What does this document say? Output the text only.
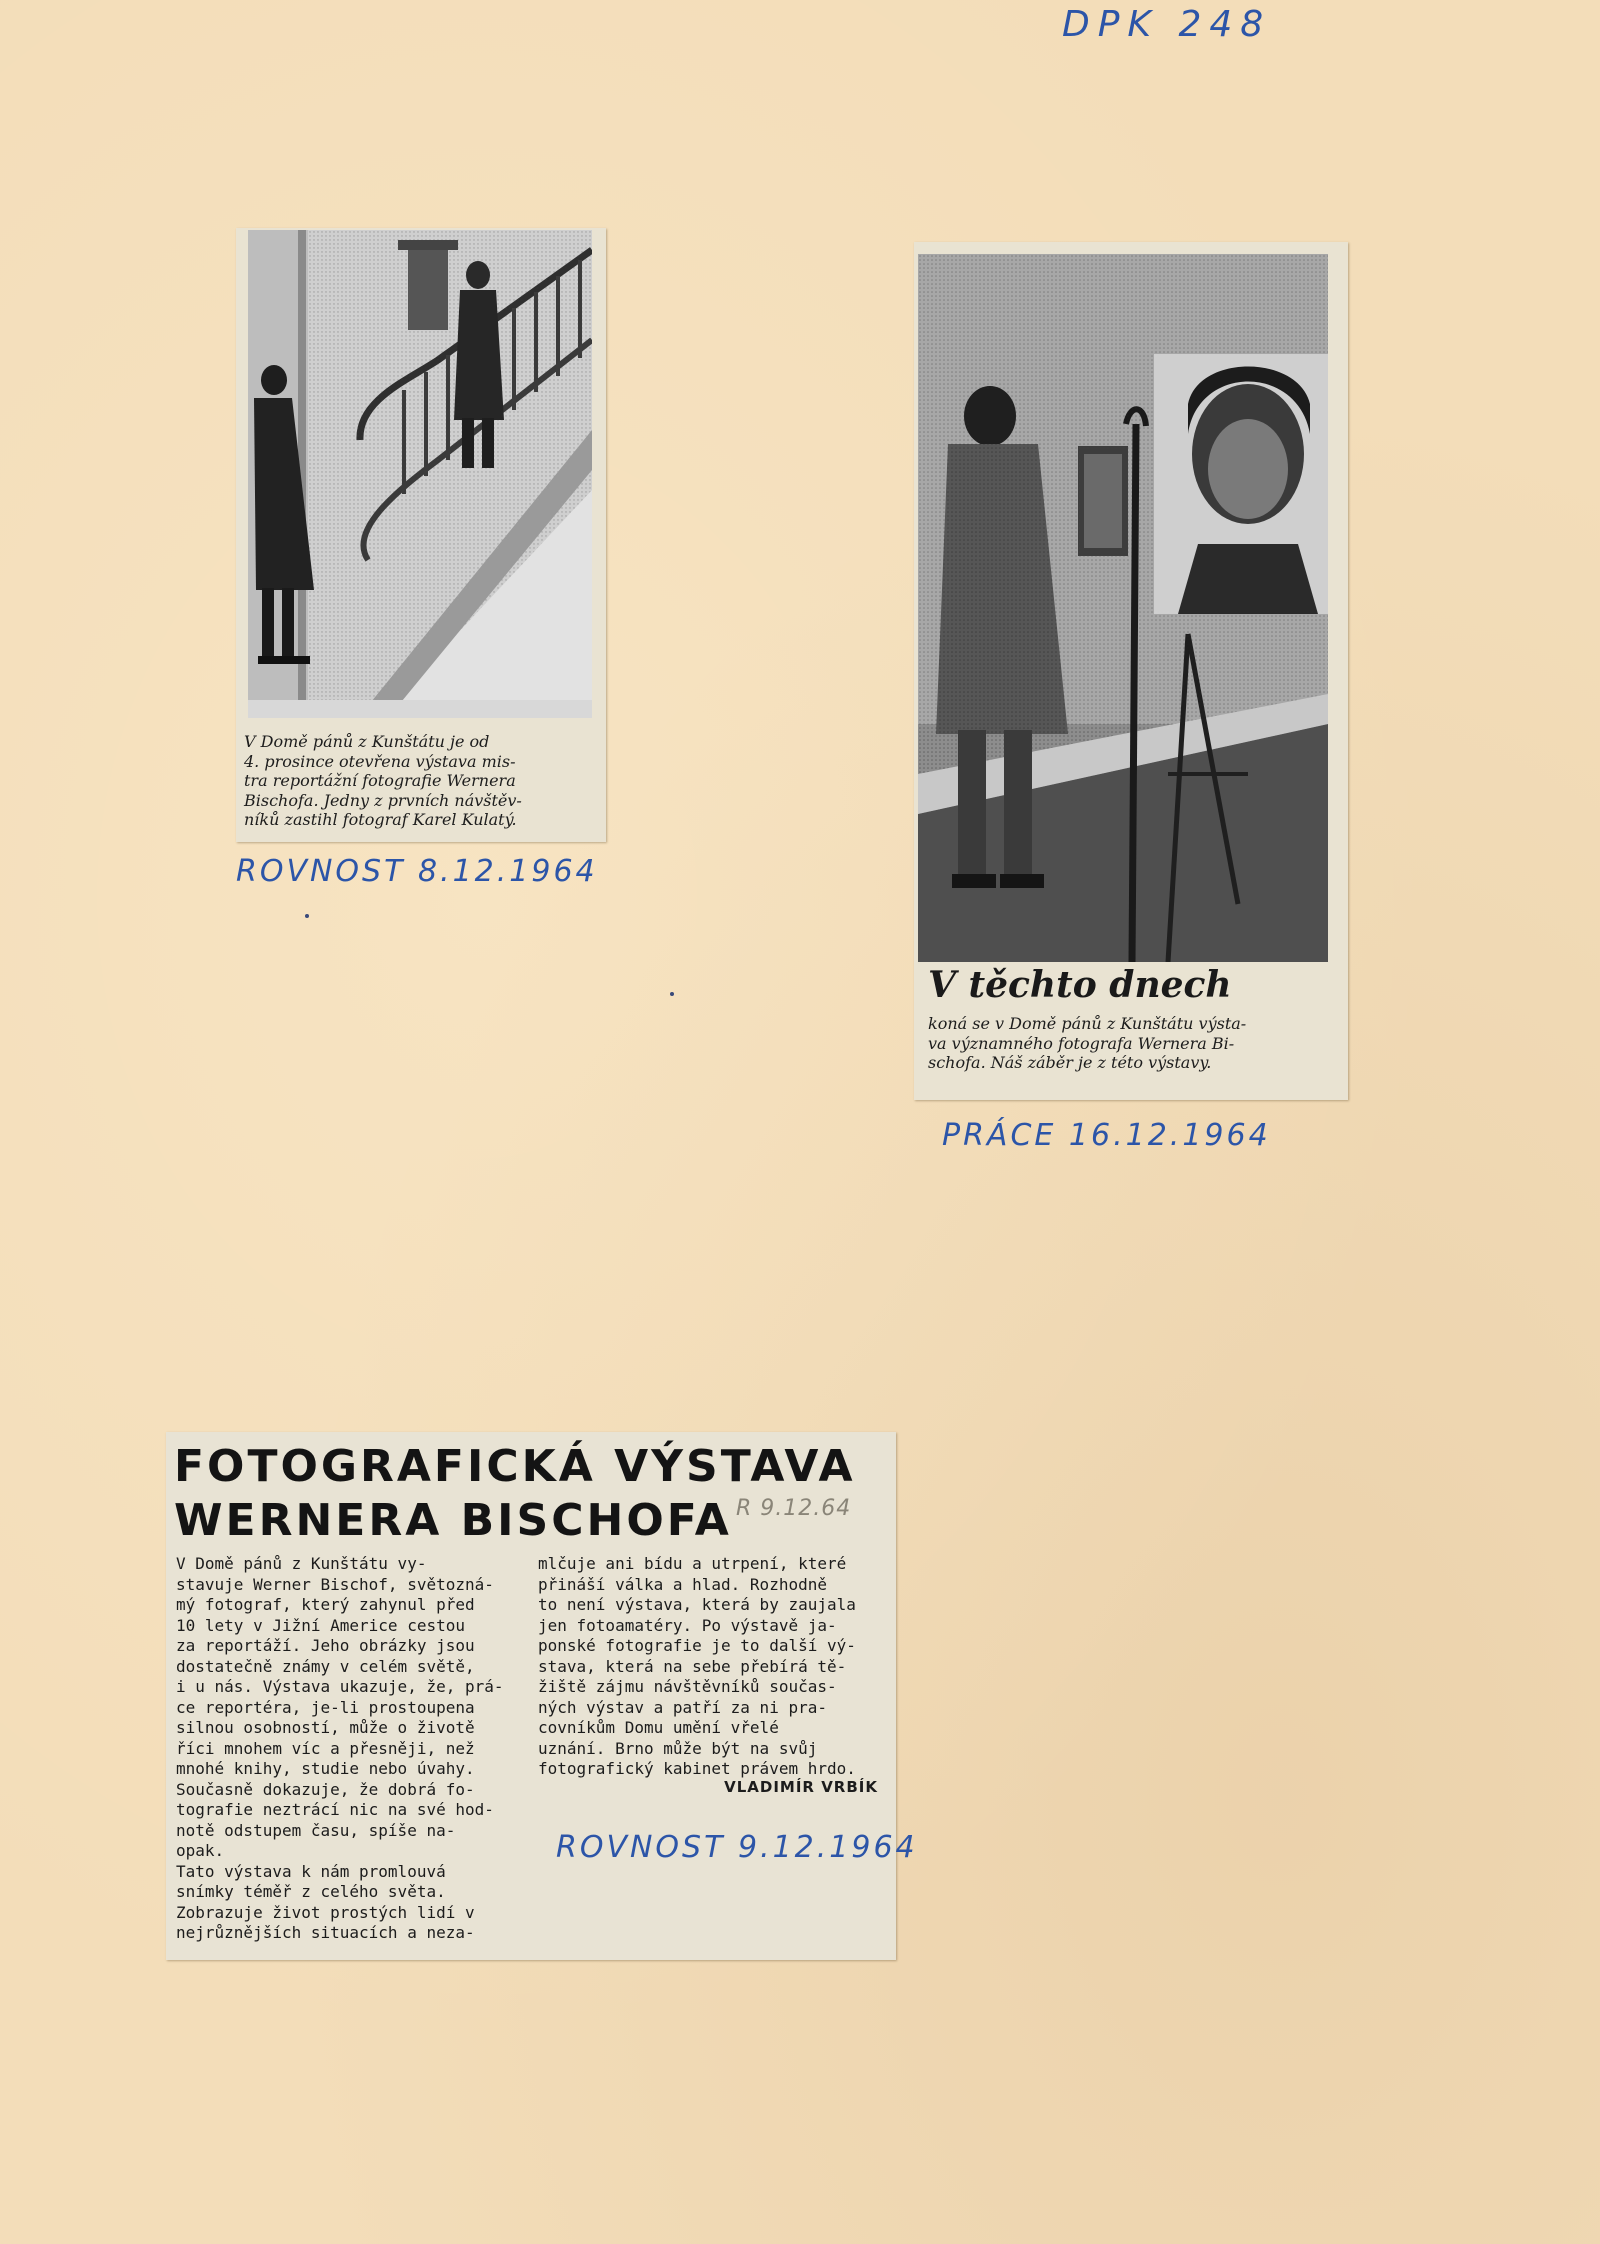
DPK 248
V Domě pánů z Kunštátu je od
4. prosince otevřena výstava mis-
tra reportážní fotografie Wernera
Bischofa. Jedny z prvních návštěv-
níků zastihl fotograf Karel Kulatý.
ROVNOST 8.12.1964
V těchto dnech
koná se v Domě pánů z Kunštátu výsta-
va významného fotografa Wernera Bi-
schofa. Náš záběr je z této výstavy.
PRÁCE 16.12.1964
FOTOGRAFICKÁ VÝSTAVA
WERNERA BISCHOFA R 9.12.64
V Domě pánů z Kunštátu vy-
stavuje Werner Bischof, světozná-
mý fotograf, který zahynul před
10 lety v Jižní Americe cestou
za reportáží. Jeho obrázky jsou
dostatečně známy v celém světě,
i u nás. Výstava ukazuje, že, prá-
ce reportéra, je-li prostoupena
silnou osobností, může o životě
říci mnohem víc a přesněji, než
mnohé knihy, studie nebo úvahy.
Současně dokazuje, že dobrá fo-
tografie neztrácí nic na své hod-
notě odstupem času, spíše na-
opak.
Tato výstava k nám promlouvá
snímky téměř z celého světa.
Zobrazuje život prostých lidí v
nejrůznějších situacích a neza-
mlčuje ani bídu a utrpení, které
přináší válka a hlad. Rozhodně
to není výstava, která by zaujala
jen fotoamatéry. Po výstavě ja-
ponské fotografie je to další vý-
stava, která na sebe přebírá tě-
žiště zájmu návštěvníků součas-
ných výstav a patří za ni pra-
covníkům Domu umění vřelé
uznání. Brno může být na svůj
fotografický kabinet právem hrdo.
VLADIMÍR VRBÍK
ROVNOST 9.12.1964
